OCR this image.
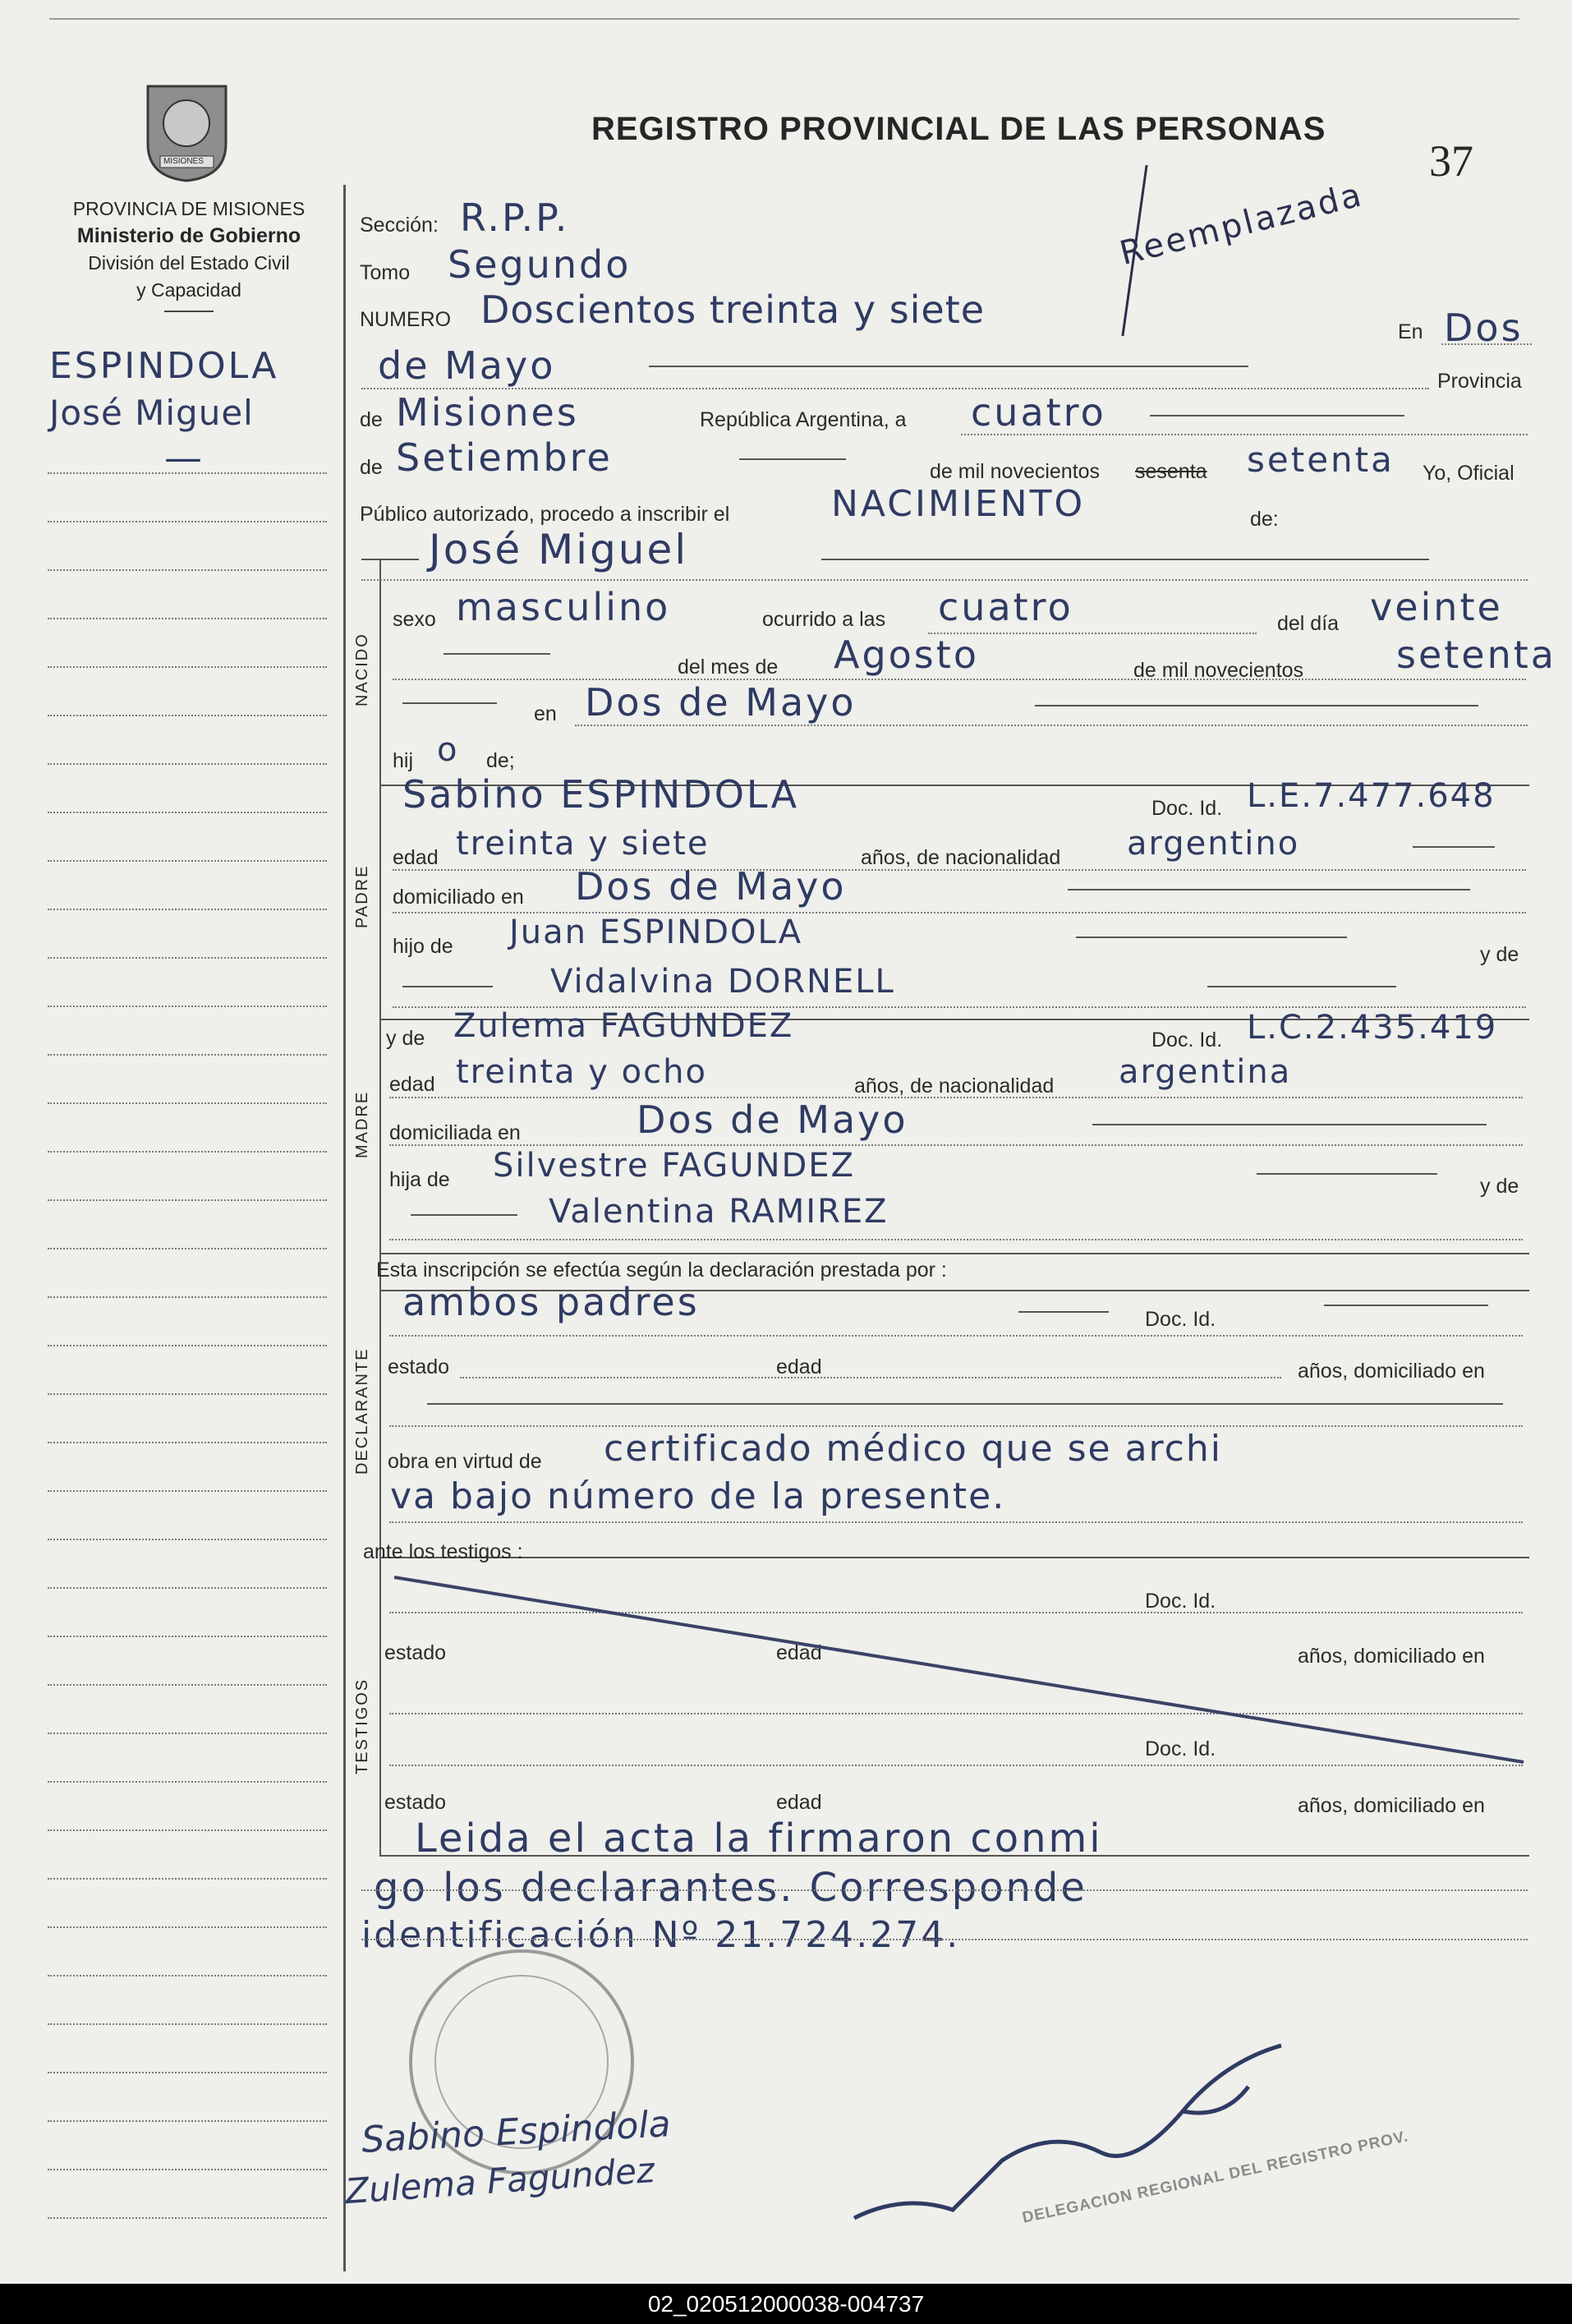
MISIONES
PROVINCIA DE MISIONES
Ministerio de Gobierno
División del Estado Civil
y Capacidad
REGISTRO PROVINCIAL DE LAS PERSONAS
37
ESPINDOLA
José Miguel
—
NACIDO
PADRE
MADRE
DECLARANTE
TESTIGOS
Sección: R.P.P.
Tomo Segundo	Reemplazada
NUMERO Doscientos treinta y siete	En Dos
de Mayo	Provincia
de Misiones	República Argentina, a cuatro
de Setiembre	de mil novecientos sesenta setenta Yo, Oficial
Público autorizado, procedo a inscribir el	NACIMIENTO	de:
José Miguel
sexo masculino	ocurrido a las cuatro	del día veinte
del mes de Agosto	de mil novecientos setenta
en Dos de Mayo
hij o de;
Sabino ESPINDOLA	Doc. Id. L.E.7.477.648
edad treinta y siete	años, de nacionalidad argentino
domiciliado en Dos de Mayo
hijo de Juan ESPINDOLA
y de
Vidalvina DORNELL
y de Zulema FAGUNDEZ	Doc. Id. L.C.2.435.419
edad treinta y ocho	años, de nacionalidad argentina
domiciliada en	Dos de Mayo
hija de Silvestre FAGUNDEZ
y de
Valentina RAMIREZ
Esta inscripción se efectúa según la declaración prestada por :
ambos padres	Doc. Id.
estado	edad	años, domiciliado en
obra en virtud de certificado médico que se archi
va bajo número de la presente.
ante los testigos :
Doc. Id.
estado	edad	años, domiciliado en
Doc. Id.
estado	edad	años, domiciliado en
Leida el acta la firmaron conmi
go los declarantes. Corresponde
identificación Nº 21.724.274.
Sabino Espindola
Zulema Fagundez	DELEGACION REGIONAL DEL REGISTRO PROV.
02_020512000038-004737
